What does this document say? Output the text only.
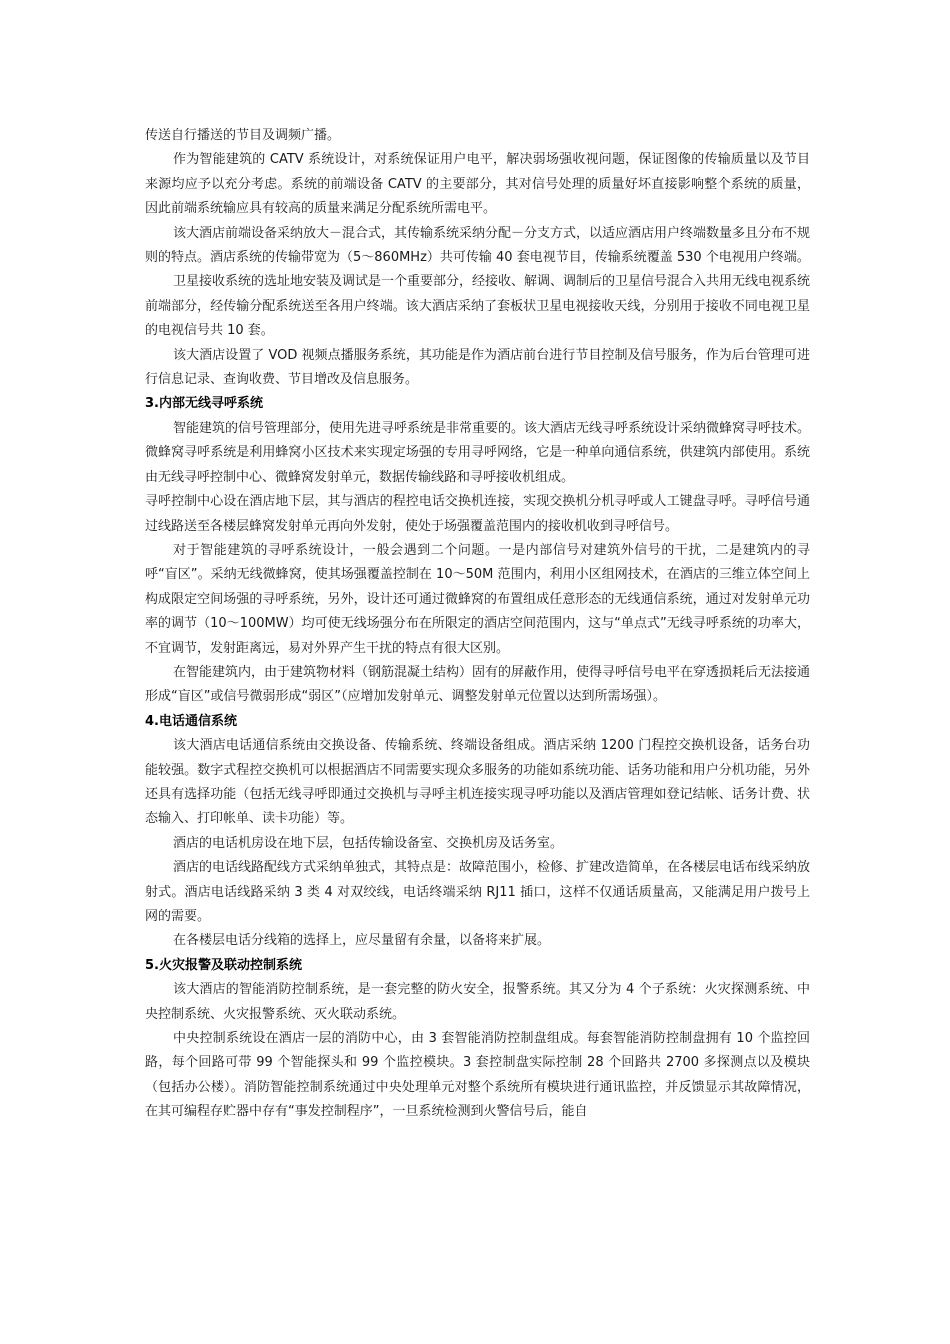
传送自行播送的节目及调频广播。

作为智能建筑的 CATV 系统设计，对系统保证用户电平，解决弱场强收视问题，保证图像的传输质量以及节目来源均应予以充分考虑。系统的前端设备 CATV 的主要部分，其对信号处理的质量好坏直接影响整个系统的质量，因此前端系统输应具有较高的质量来满足分配系统所需电平。

该大酒店前端设备采纳放大－混合式，其传输系统采纳分配－分支方式，以适应酒店用户终端数量多且分布不规则的特点。酒店系统的传输带宽为（5～860MHz）共可传输 40 套电视节目，传输系统覆盖 530 个电视用户终端。

卫星接收系统的选址地安装及调试是一个重要部分，经接收、解调、调制后的卫星信号混合入共用无线电视系统前端部分，经传输分配系统送至各用户终端。该大酒店采纳了套板状卫星电视接收天线，分别用于接收不同电视卫星的电视信号共 10 套。

该大酒店设置了 VOD 视频点播服务系统，其功能是作为酒店前台进行节目控制及信号服务，作为后台管理可进行信息记录、查询收费、节目增改及信息服务。

3.内部无线寻呼系统

智能建筑的信号管理部分，使用先进寻呼系统是非常重要的。该大酒店无线寻呼系统设计采纳微蜂窝寻呼技术。微蜂窝寻呼系统是利用蜂窝小区技术来实现定场强的专用寻呼网络，它是一种单向通信系统，供建筑内部使用。系统由无线寻呼控制中心、微蜂窝发射单元，数据传输线路和寻呼接收机组成。

寻呼控制中心设在酒店地下层，其与酒店的程控电话交换机连接，实现交换机分机寻呼或人工键盘寻呼。寻呼信号通过线路送至各楼层蜂窝发射单元再向外发射，使处于场强覆盖范围内的接收机收到寻呼信号。

对于智能建筑的寻呼系统设计，一般会遇到二个问题。一是内部信号对建筑外信号的干扰，二是建筑内的寻呼“盲区”。采纳无线微蜂窝，使其场强覆盖控制在 10～50M 范围内，利用小区组网技术，在酒店的三维立体空间上构成限定空间场强的寻呼系统，另外，设计还可通过微蜂窝的布置组成任意形态的无线通信系统，通过对发射单元功率的调节（10～100MW）均可使无线场强分布在所限定的酒店空间范围内，这与“单点式”无线寻呼系统的功率大，不宜调节，发射距离远，易对外界产生干扰的特点有很大区别。

在智能建筑内，由于建筑物材料（钢筋混凝土结构）固有的屏蔽作用，使得寻呼信号电平在穿透损耗后无法接通形成“盲区”或信号微弱形成“弱区”（应增加发射单元、调整发射单元位置以达到所需场强）。

4.电话通信系统

该大酒店电话通信系统由交换设备、传输系统、终端设备组成。酒店采纳 1200 门程控交换机设备，话务台功能较强。数字式程控交换机可以根据酒店不同需要实现众多服务的功能如系统功能、话务功能和用户分机功能，另外还具有选择功能（包括无线寻呼即通过交换机与寻呼主机连接实现寻呼功能以及酒店管理如登记结帐、话务计费、状态输入、打印帐单、读卡功能）等。

酒店的电话机房设在地下层，包括传输设备室、交换机房及话务室。

酒店的电话线路配线方式采纳单独式，其特点是：故障范围小，检修、扩建改造简单，在各楼层电话布线采纳放射式。酒店电话线路采纳 3 类 4 对双绞线，电话终端采纳 RJ11 插口，这样不仅通话质量高，又能满足用户拨号上网的需要。

在各楼层电话分线箱的选择上，应尽量留有余量，以备将来扩展。

5.火灾报警及联动控制系统

该大酒店的智能消防控制系统，是一套完整的防火安全，报警系统。其又分为 4 个子系统：火灾探测系统、中央控制系统、火灾报警系统、灭火联动系统。

中央控制系统设在酒店一层的消防中心，由 3 套智能消防控制盘组成。每套智能消防控制盘拥有 10 个监控回路，每个回路可带 99 个智能探头和 99 个监控模块。3 套控制盘实际控制 28 个回路共 2700 多探测点以及模块（包括办公楼）。消防智能控制系统通过中央处理单元对整个系统所有模块进行通讯监控，并反馈显示其故障情况，在其可编程存贮器中存有“事发控制程序”，一旦系统检测到火警信号后，能自
